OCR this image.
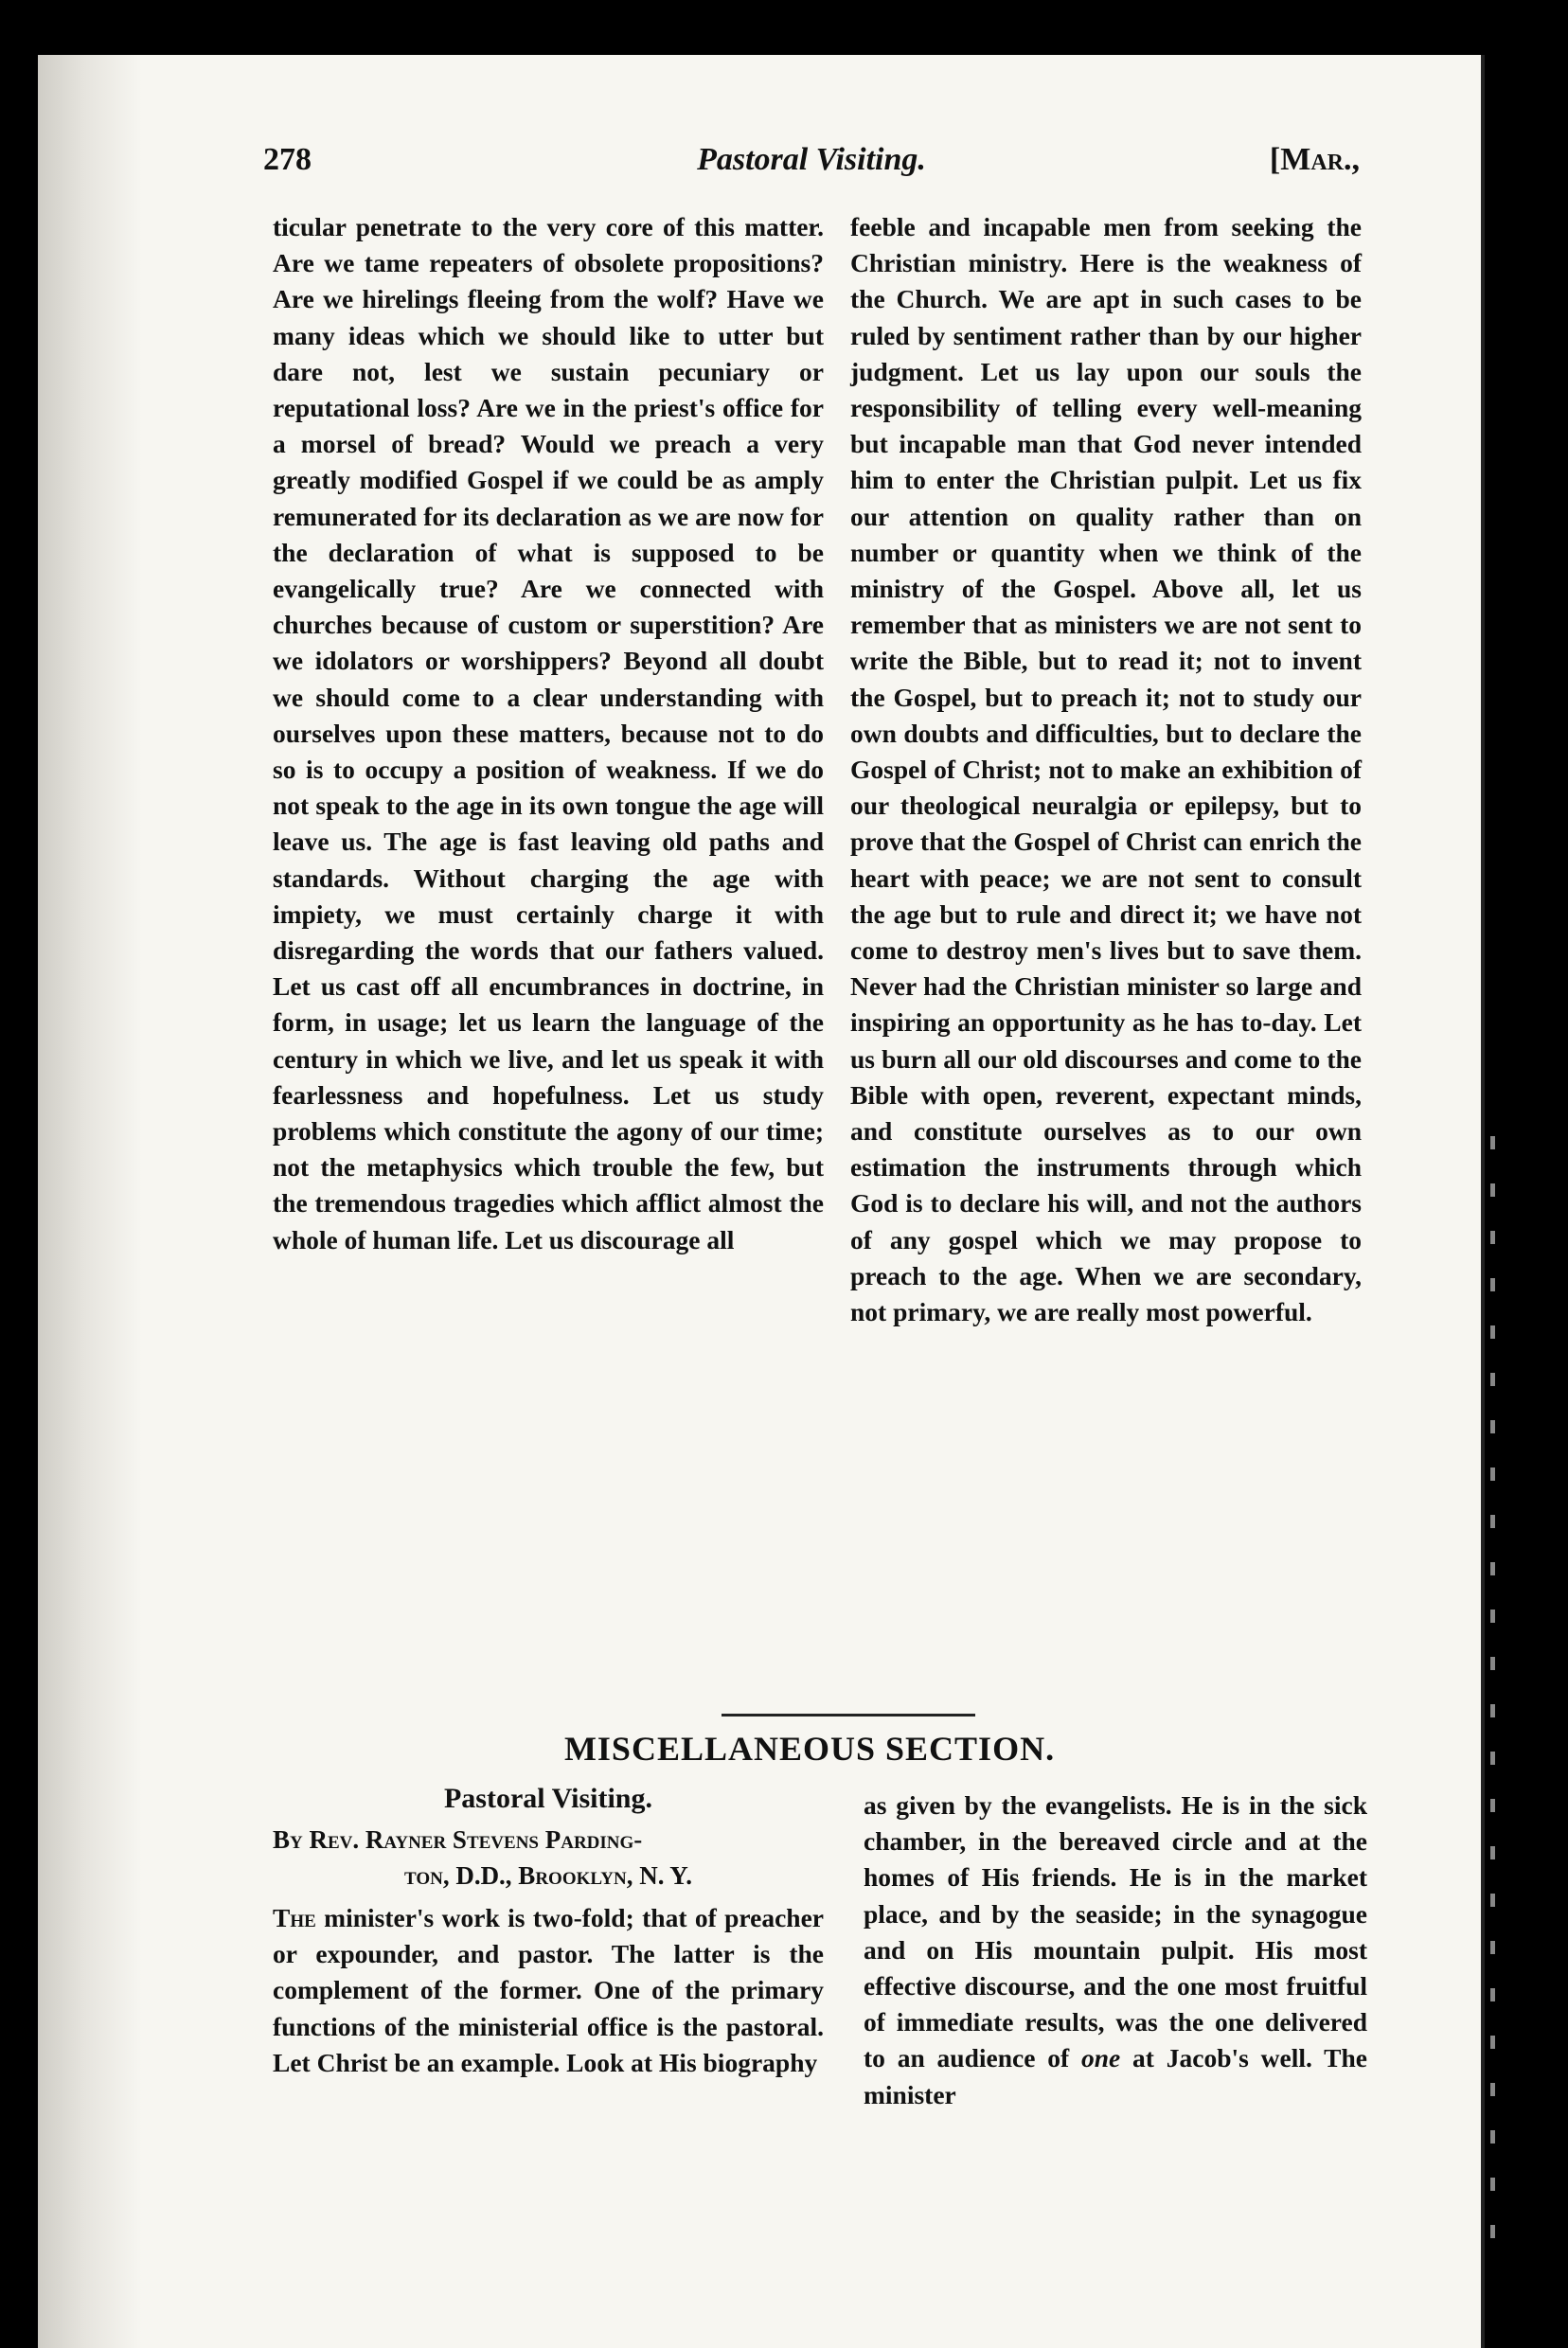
278	Pastoral Visiting.	[Mar.,

ticular penetrate to the very core of this matter. Are we tame repeaters of obsolete propositions? Are we hirelings fleeing from the wolf? Have we many ideas which we should like to utter but dare not, lest we sustain pecuniary or reputational loss? Are we in the priest's office for a morsel of bread? Would we preach a very greatly modified Gospel if we could be as amply remunerated for its declaration as we are now for the declaration of what is supposed to be evangelically true? Are we connected with churches because of custom or superstition? Are we idolators or worshippers? Beyond all doubt we should come to a clear understanding with ourselves upon these matters, because not to do so is to occupy a position of weakness. If we do not speak to the age in its own tongue the age will leave us. The age is fast leaving old paths and standards. Without charging the age with impiety, we must certainly charge it with disregarding the words that our fathers valued. Let us cast off all encumbrances in doctrine, in form, in usage; let us learn the language of the century in which we live, and let us speak it with fearlessness and hopefulness. Let us study problems which constitute the agony of our time; not the metaphysics which trouble the few, but the tremendous tragedies which afflict almost the whole of human life. Let us discourage all

feeble and incapable men from seeking the Christian ministry. Here is the weakness of the Church. We are apt in such cases to be ruled by sentiment rather than by our higher judgment. Let us lay upon our souls the responsibility of telling every well-meaning but incapable man that God never intended him to enter the Christian pulpit. Let us fix our attention on quality rather than on number or quantity when we think of the ministry of the Gospel. Above all, let us remember that as ministers we are not sent to write the Bible, but to read it; not to invent the Gospel, but to preach it; not to study our own doubts and difficulties, but to declare the Gospel of Christ; not to make an exhibition of our theological neuralgia or epilepsy, but to prove that the Gospel of Christ can enrich the heart with peace; we are not sent to consult the age but to rule and direct it; we have not come to destroy men's lives but to save them. Never had the Christian minister so large and inspiring an opportunity as he has to-day. Let us burn all our old discourses and come to the Bible with open, reverent, expectant minds, and constitute ourselves as to our own estimation the instruments through which God is to declare his will, and not the authors of any gospel which we may propose to preach to the age. When we are secondary, not primary, we are really most powerful.

MISCELLANEOUS SECTION.
Pastoral Visiting.
By Rev. Rayner Stevens Parding-
ton, D.D., Brooklyn, N. Y.

The minister's work is two-fold; that of preacher or expounder, and pastor. The latter is the complement of the former. One of the primary functions of the ministerial office is the pastoral. Let Christ be an example. Look at His biography

as given by the evangelists. He is in the sick chamber, in the bereaved circle and at the homes of His friends. He is in the market place, and by the seaside; in the synagogue and on His mountain pulpit. His most effective discourse, and the one most fruitful of immediate results, was the one delivered to an audience of one at Jacob's well. The minister
